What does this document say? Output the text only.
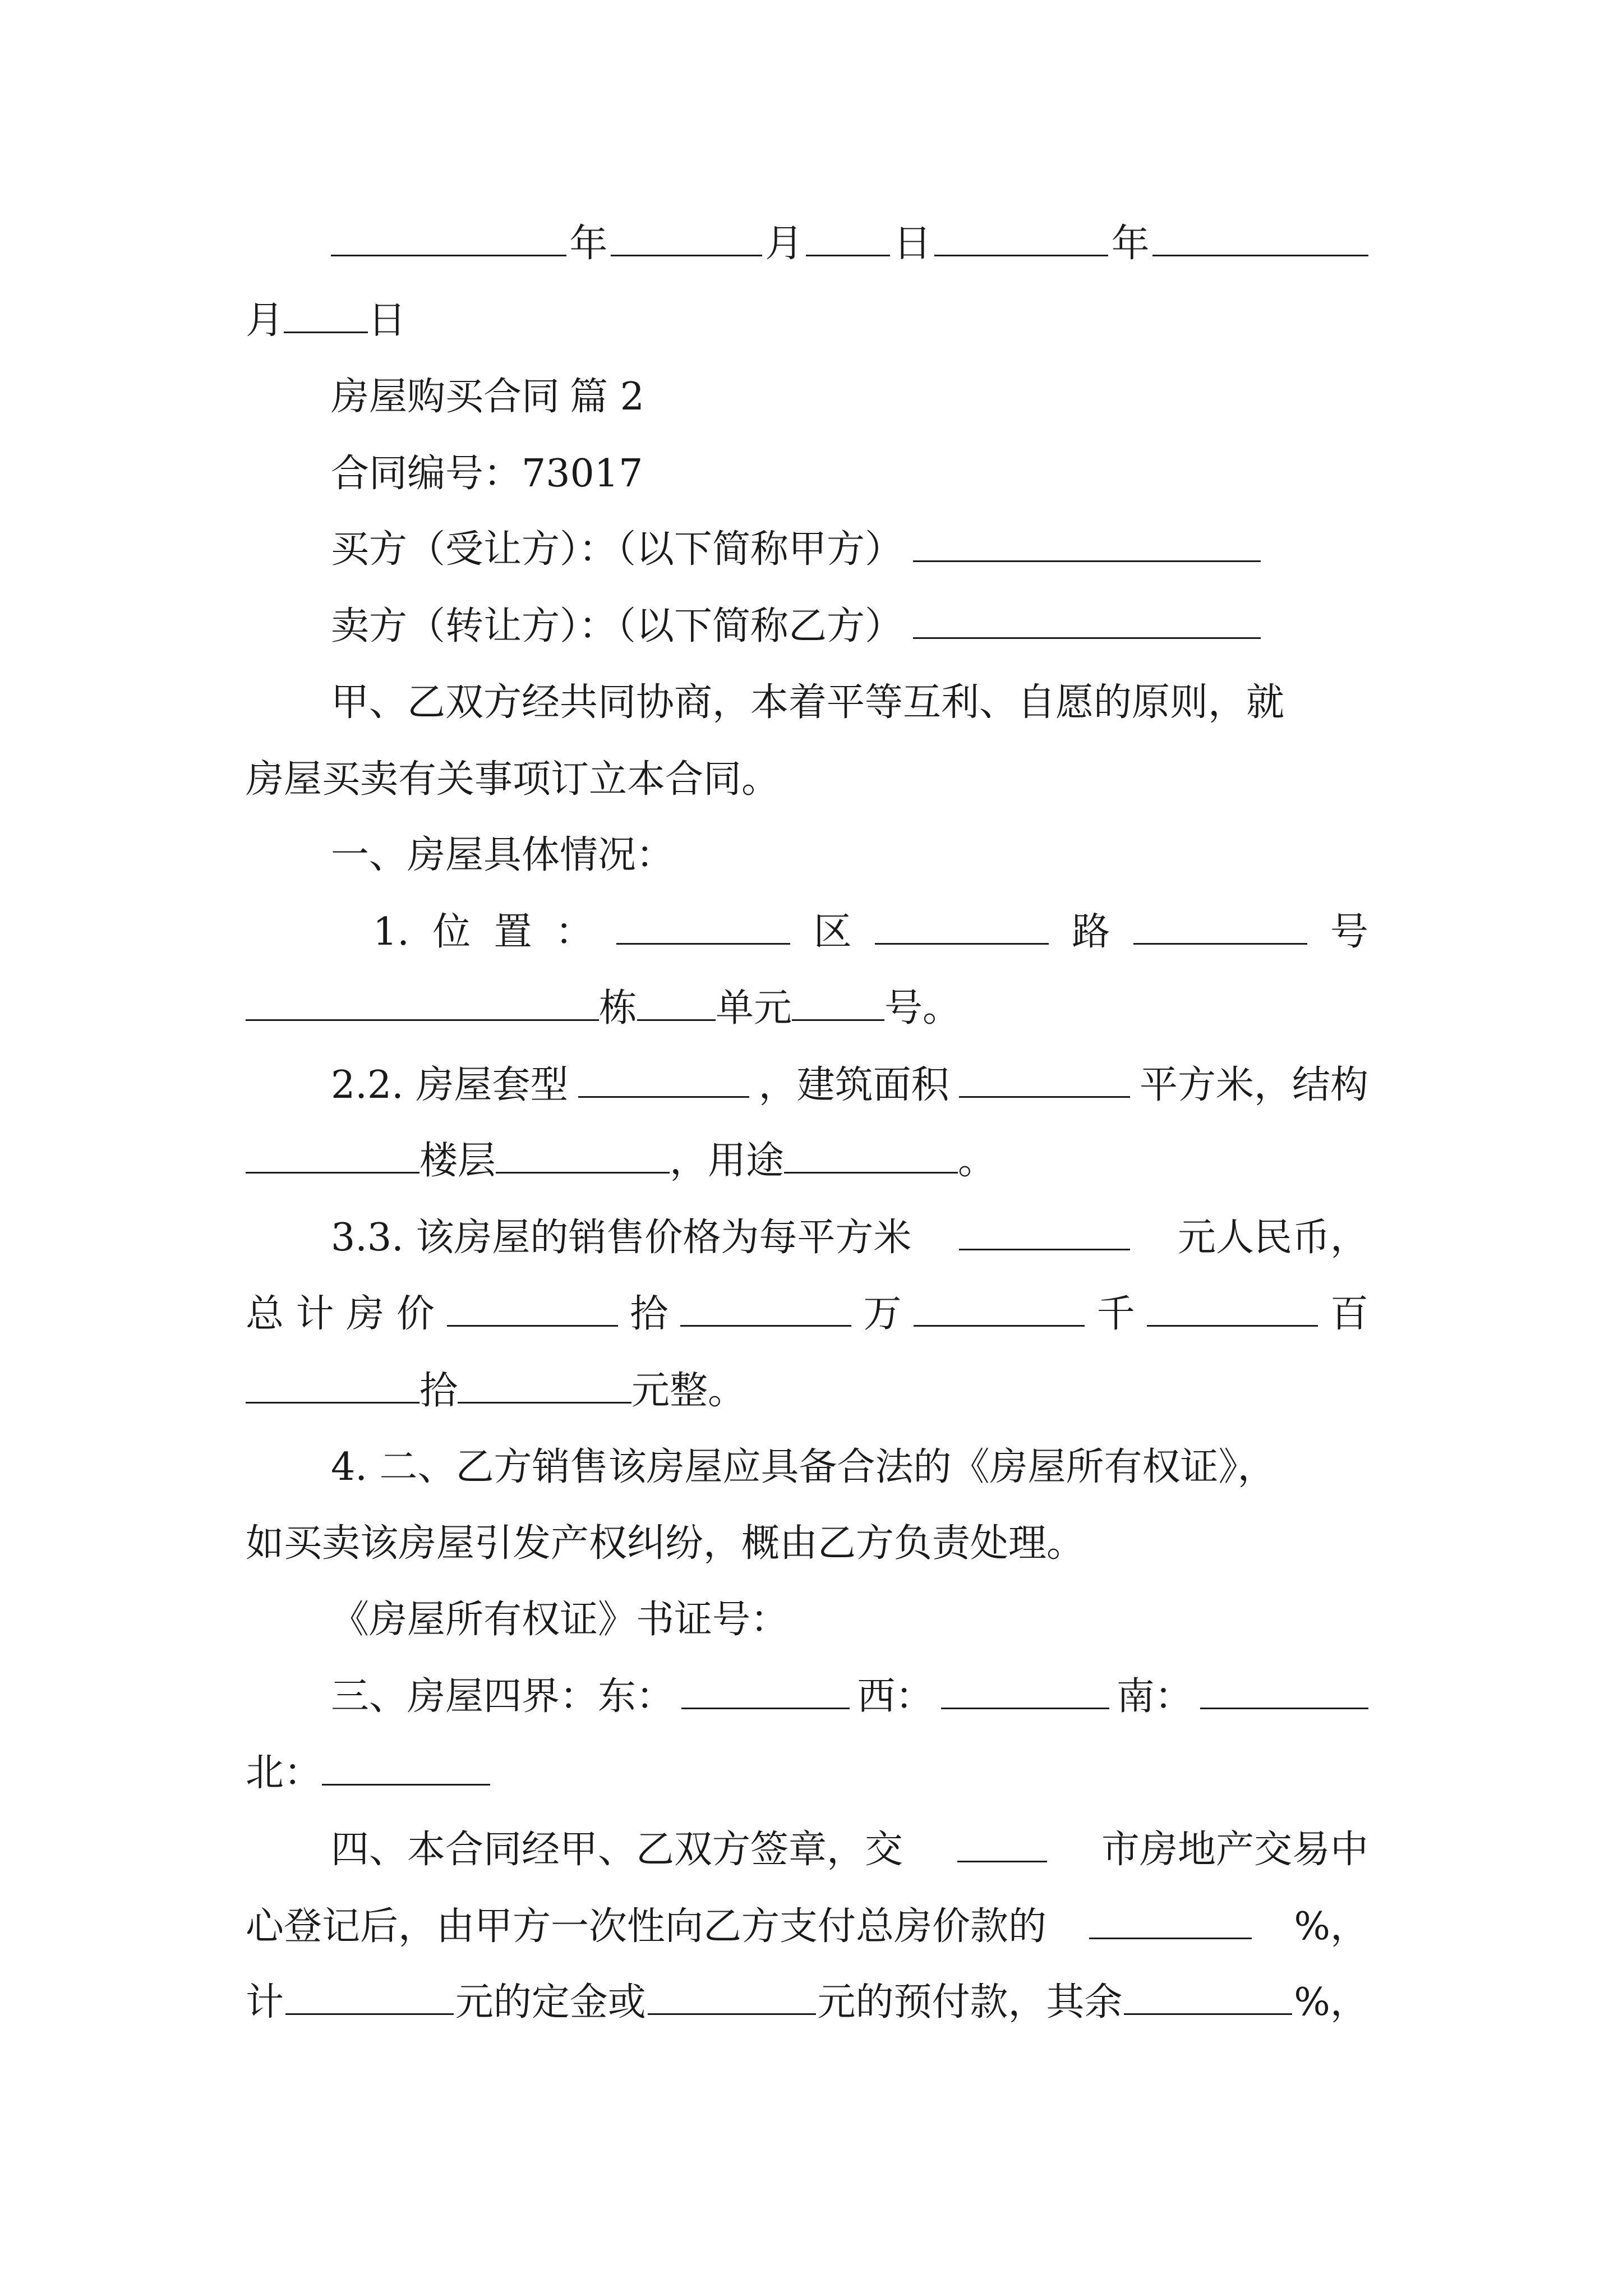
年	月 日	年
月 日
房屋购买合同 篇 2
合同编号：73017
买方（受让方）：（以下简称甲方）
卖方（转让方）：（以下简称乙方）
甲、乙双方经共同协商，本着平等互利、自愿的原则，就
房屋买卖有关事项订立本合同。
一、房屋具体情况：
1. 位 置 ：	区	路	号
栋 单元 号。
2.2. 房屋套型	，建筑面积	平方米，结构
楼层	，用途	。
3.3. 该房屋的销售价格为每平方米	元人民币，
总 计 房 价	拾	万	千	百
拾	元整。
4. 二、乙方销售该房屋应具备合法的《房屋所有权证》，
如买卖该房屋引发产权纠纷，概由乙方负责处理。
《房屋所有权证》书证号：
三、房屋四界：东：	西：	南：
北：
四、本合同经甲、乙双方签章，交	市房地产交易中
心登记后，由甲方一次性向乙方支付总房价款的	%，
计	元的定金或	元的预付款，其余	%，
